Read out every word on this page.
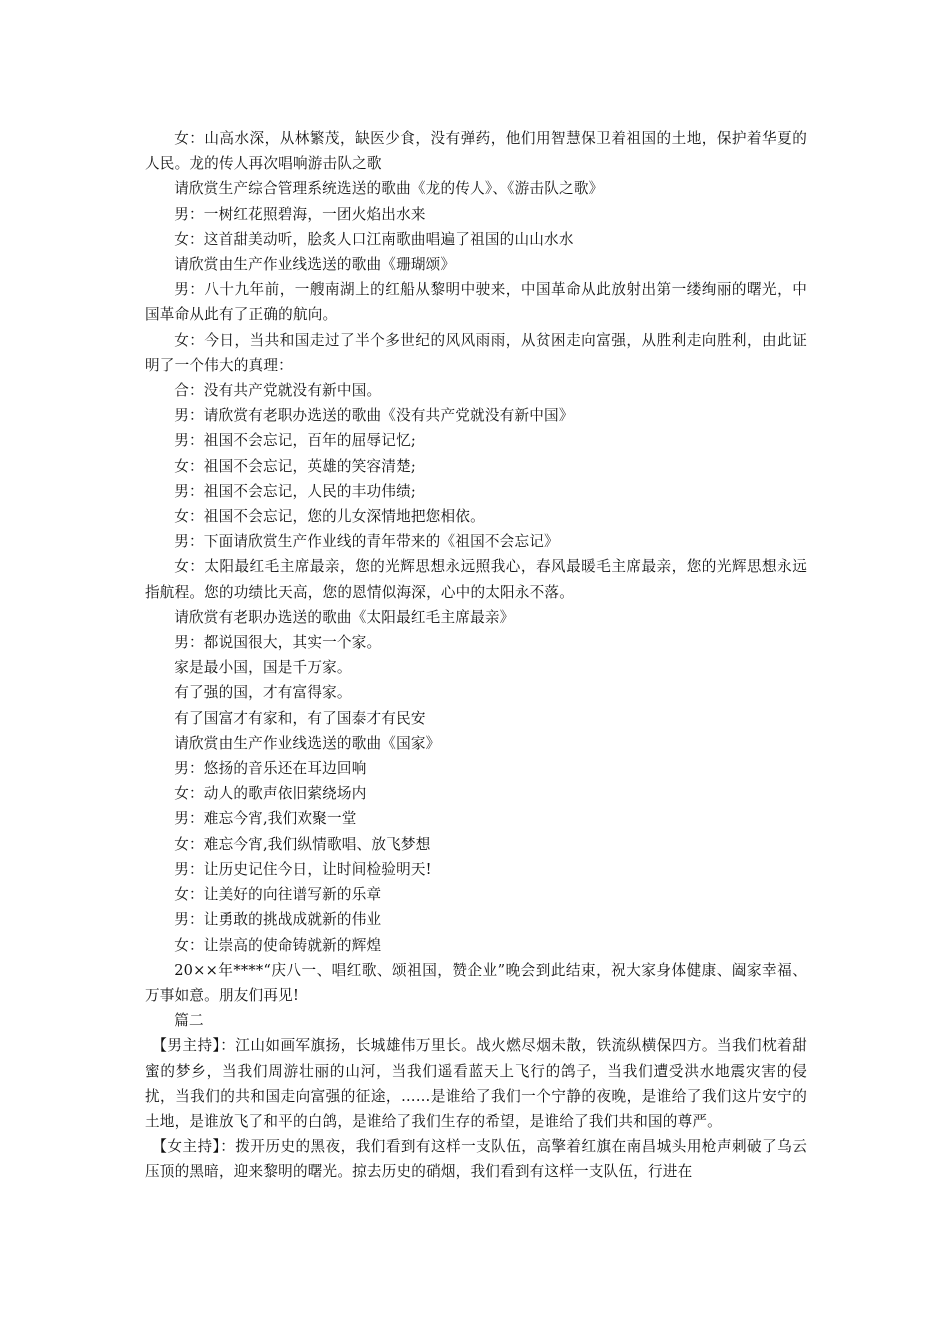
女：山高水深，从林繁茂，缺医少食，没有弹药，他们用智慧保卫着祖国的土地，保护着华夏的人民。龙的传人再次唱响游击队之歌

请欣赏生产综合管理系统选送的歌曲《龙的传人》、《游击队之歌》

男：一树红花照碧海，一团火焰出水来

女：这首甜美动听，脍炙人口江南歌曲唱遍了祖国的山山水水

请欣赏由生产作业线选送的歌曲《珊瑚颂》

男：八十九年前，一艘南湖上的红船从黎明中驶来，中国革命从此放射出第一缕绚丽的曙光，中国革命从此有了正确的航向。

女：今日，当共和国走过了半个多世纪的风风雨雨，从贫困走向富强，从胜利走向胜利，由此证明了一个伟大的真理：

合：没有共产党就没有新中国。

男：请欣赏有老职办选送的歌曲《没有共产党就没有新中国》

男：祖国不会忘记，百年的屈辱记忆;

女：祖国不会忘记，英雄的笑容清楚;

男：祖国不会忘记，人民的丰功伟绩;

女：祖国不会忘记，您的儿女深情地把您相依。

男：下面请欣赏生产作业线的青年带来的《祖国不会忘记》

女：太阳最红毛主席最亲，您的光辉思想永远照我心，春风最暖毛主席最亲，您的光辉思想永远指航程。您的功绩比天高，您的恩情似海深，心中的太阳永不落。

请欣赏有老职办选送的歌曲《太阳最红毛主席最亲》

男：都说国很大，其实一个家。

家是最小国，国是千万家。

有了强的国，才有富得家。

有了国富才有家和，有了国泰才有民安

请欣赏由生产作业线选送的歌曲《国家》

男：悠扬的音乐还在耳边回响

女：动人的歌声依旧萦绕场内

男：难忘今宵,我们欢聚一堂

女：难忘今宵,我们纵情歌唱、放飞梦想

男：让历史记住今日，让时间检验明天!

女：让美好的向往谱写新的乐章

男：让勇敢的挑战成就新的伟业

女：让崇高的使命铸就新的辉煌

20××年****“庆八一、唱红歌、颂祖国，赞企业”晚会到此结束，祝大家身体健康、阖家幸福、万事如意。朋友们再见!

篇二

【男主持】：江山如画军旗扬，长城雄伟万里长。战火燃尽烟未散，铁流纵横保四方。当我们枕着甜蜜的梦乡，当我们周游壮丽的山河，当我们遥看蓝天上飞行的鸽子，当我们遭受洪水地震灾害的侵扰，当我们的共和国走向富强的征途，……是谁给了我们一个宁静的夜晚，是谁给了我们这片安宁的土地，是谁放飞了和平的白鸽，是谁给了我们生存的希望，是谁给了我们共和国的尊严。

【女主持】：拨开历史的黑夜，我们看到有这样一支队伍，高擎着红旗在南昌城头用枪声刺破了乌云压顶的黑暗，迎来黎明的曙光。掠去历史的硝烟，我们看到有这样一支队伍，行进在
